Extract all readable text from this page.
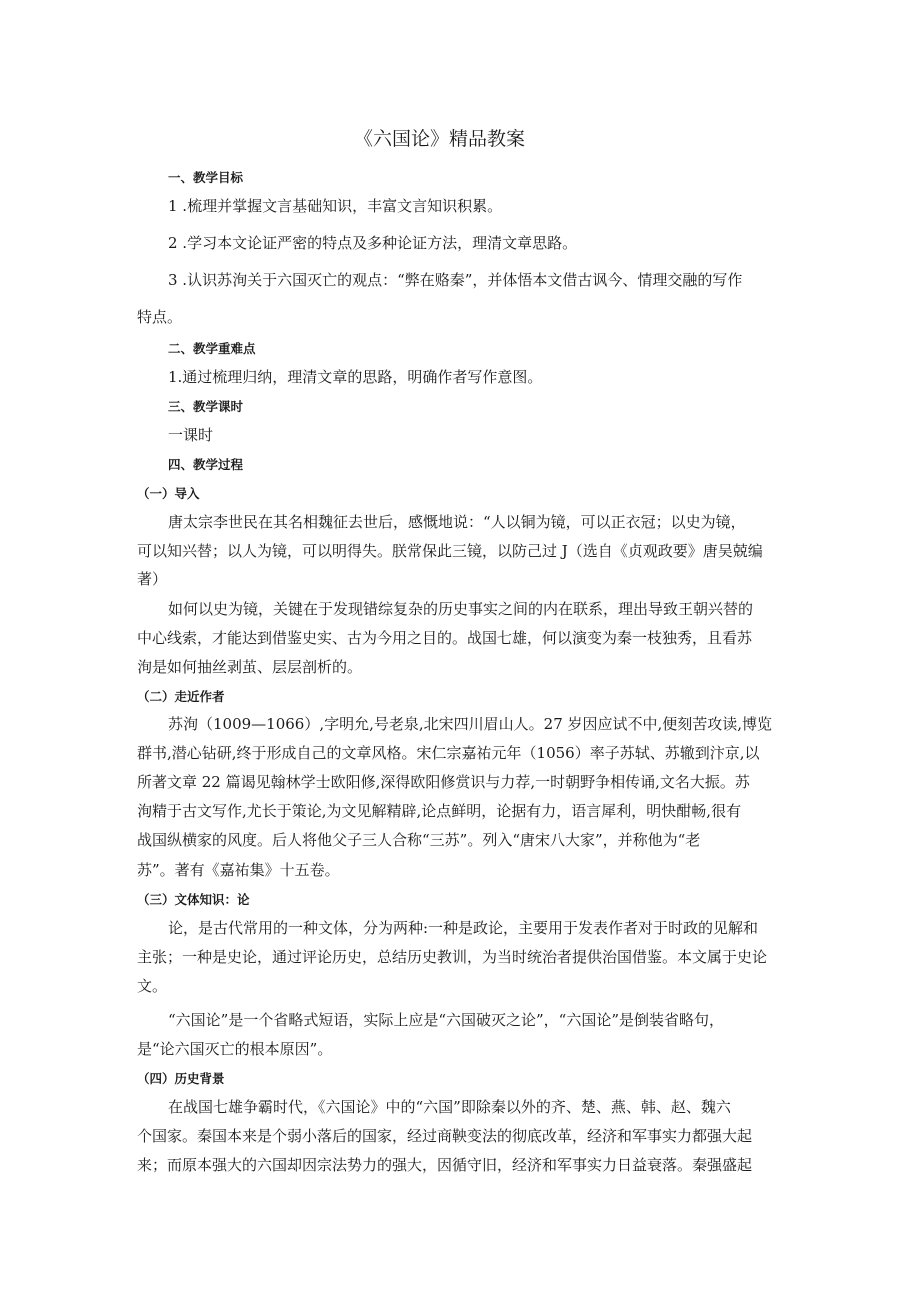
《六国论》精品教案
一、教学目标
1 .梳理并掌握文言基础知识，丰富文言知识积累。
2 .学习本文论证严密的特点及多种论证方法，理清文章思路。
3 .认识苏洵关于六国灭亡的观点：“弊在赂秦”，并体悟本文借古讽今、情理交融的写作
特点。
二、教学重难点
1.通过梳理归纳，理清文章的思路，明确作者写作意图。
三、教学课时
一课时
四、教学过程
（一）导入
唐太宗李世民在其名相魏征去世后，感慨地说：“人以铜为镜，可以正衣冠；以史为镜，
可以知兴替；以人为镜，可以明得失。朕常保此三镜，以防己过 J（选自《贞观政要》唐吴兢编
著）
如何以史为镜，关键在于发现错综复杂的历史事实之间的内在联系，理出导致王朝兴替的
中心线索，才能达到借鉴史实、古为今用之目的。战国七雄，何以演变为秦一枝独秀，且看苏
洵是如何抽丝剥茧、层层剖析的。
（二）走近作者
苏洵（1009—1066）,字明允,号老泉,北宋四川眉山人。27 岁因应试不中,便刻苦攻读,博览
群书,潜心钻研,终于形成自己的文章风格。宋仁宗嘉祐元年（1056）率子苏轼、苏辙到汴京,以
所著文章 22 篇谒见翰林学士欧阳修,深得欧阳修赏识与力荐,一时朝野争相传诵,文名大振。苏
洵精于古文写作,尤长于策论,为文见解精辟,论点鲜明，论据有力，语言犀利，明快酣畅,很有
战国纵横家的风度。后人将他父子三人合称“三苏”。列入“唐宋八大家”，并称他为“老
苏”。著有《嘉祐集》十五卷。
（三）文体知识：论
论，是古代常用的一种文体，分为两种:一种是政论，主要用于发表作者对于时政的见解和
主张；一种是史论，通过评论历史，总结历史教训，为当时统治者提供治国借鉴。本文属于史论
文。
“六国论”是一个省略式短语，实际上应是“六国破灭之论”，“六国论”是倒装省略句，
是“论六国灭亡的根本原因”。
（四）历史背景
在战国七雄争霸时代，《六国论》中的“六国”即除秦以外的齐、楚、燕、韩、赵、魏六
个国家。秦国本来是个弱小落后的国家，经过商鞅变法的彻底改革，经济和军事实力都强大起
来；而原本强大的六国却因宗法势力的强大，因循守旧，经济和军事实力日益衰落。秦强盛起
